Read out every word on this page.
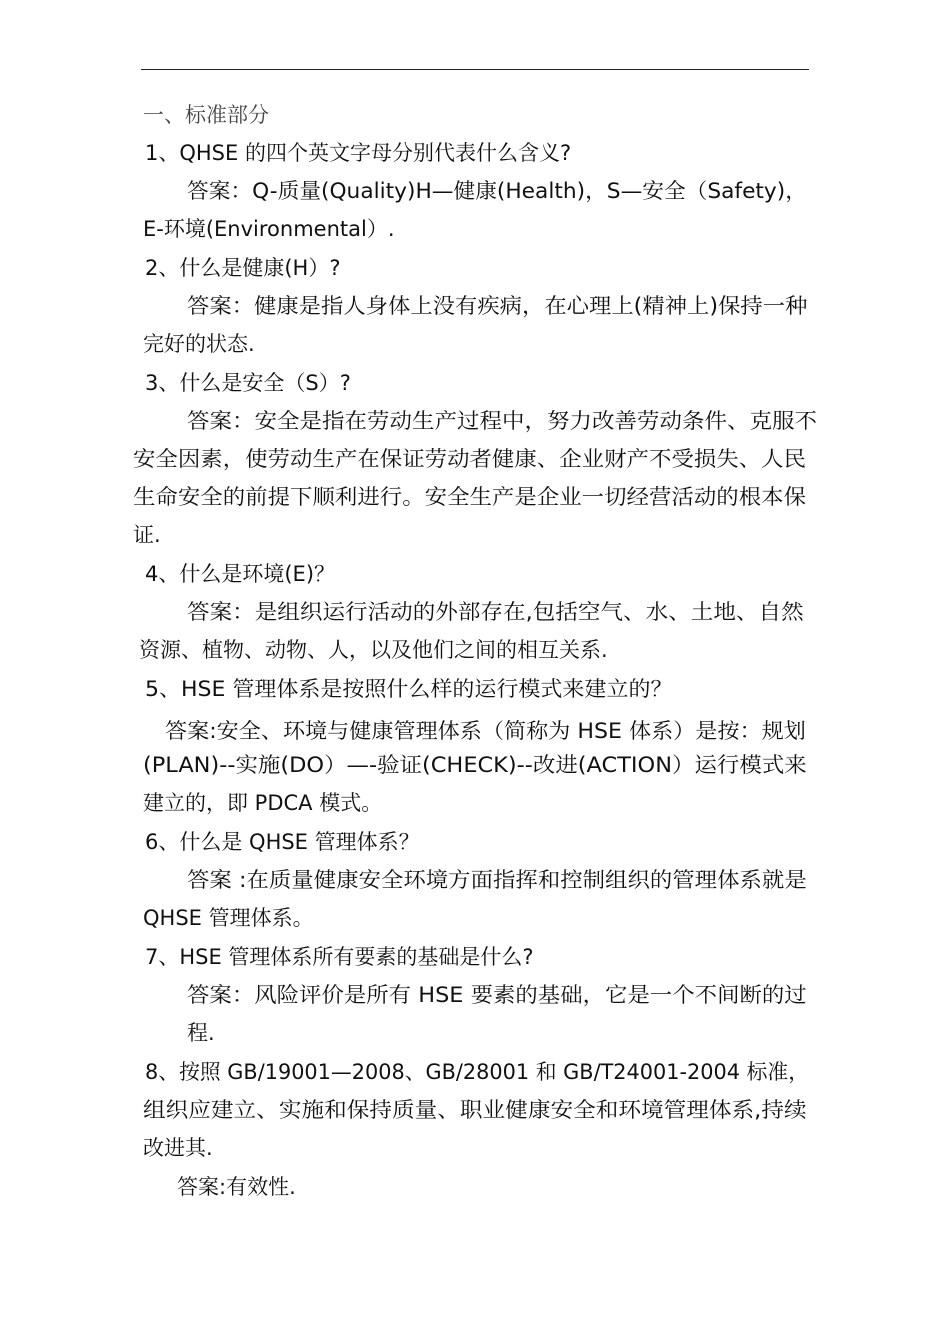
一、标准部分
1、QHSE 的四个英文字母分别代表什么含义?
答案：Q-质量(Quality)H—健康(Health)，S—安全（Safety)，
E-环境(Environmental）.
2、什么是健康(H）?
答案：健康是指人身体上没有疾病，在心理上(精神上)保持一种
完好的状态.
3、什么是安全（S）?
答案：安全是指在劳动生产过程中，努力改善劳动条件、克服不
安全因素，使劳动生产在保证劳动者健康、企业财产不受损失、人民
生命安全的前提下顺利进行。安全生产是企业一切经营活动的根本保
证.
4、什么是环境(E)？
答案：是组织运行活动的外部存在,包括空气、水、土地、自然
资源、植物、动物、人，以及他们之间的相互关系.
5、HSE 管理体系是按照什么样的运行模式来建立的？
答案:安全、环境与健康管理体系（简称为 HSE 体系）是按：规划
(PLAN)--实施(DO）—-验证(CHECK)--改进(ACTION）运行模式来
建立的，即 PDCA 模式。
6、什么是 QHSE 管理体系？
答案 :在质量健康安全环境方面指挥和控制组织的管理体系就是
QHSE 管理体系。
7、HSE 管理体系所有要素的基础是什么?
答案：风险评价是所有 HSE 要素的基础，它是一个不间断的过
程.
8、按照 GB/19001—2008、GB/28001 和 GB/T24001-2004 标准，
组织应建立、实施和保持质量、职业健康安全和环境管理体系,持续
改进其.
答案:有效性.
